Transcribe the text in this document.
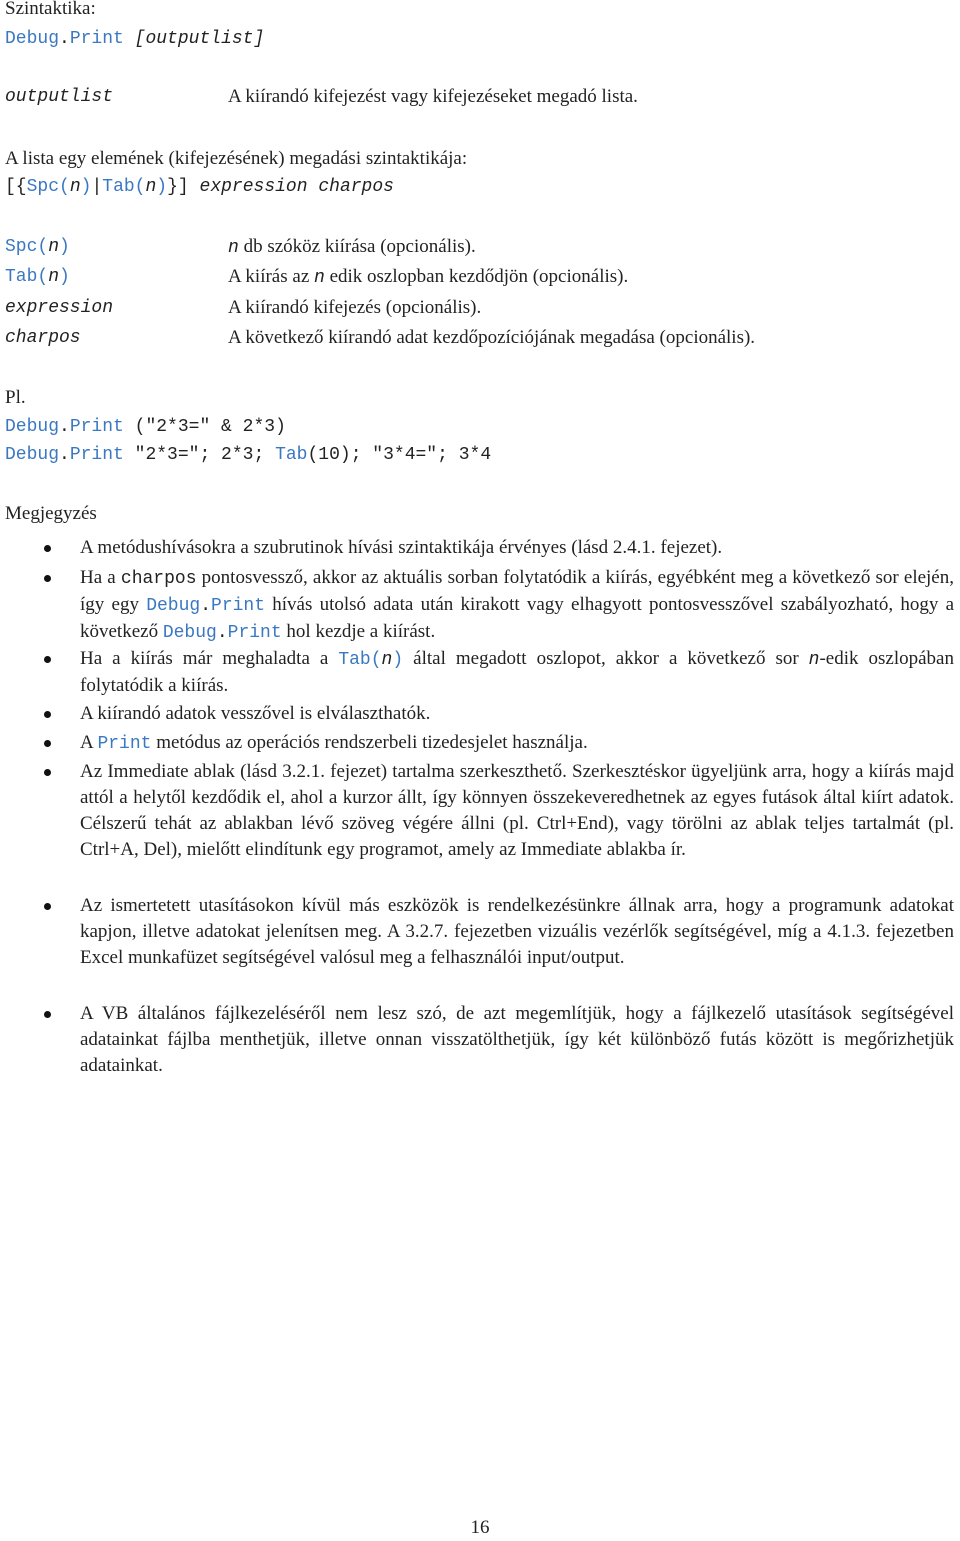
Szintaktika:
Debug.Print [outputlist]
outputlist	A kiírandó kifejezést vagy kifejezéseket megadó lista.
A lista egy elemének (kifejezésének) megadási szintaktikája:
[{Spc(n)|Tab(n)}] expression charpos
Spc(n)	n db szóköz kiírása (opcionális).
Tab(n)	A kiírás az n edik oszlopban kezdődjön (opcionális).
expression	A kiírandó kifejezés (opcionális).
charpos	A következő kiírandó adat kezdőpozíciójának megadása (opcionális).
Pl.
Debug.Print ("2*3=" & 2*3)
Debug.Print "2*3="; 2*3; Tab(10); "3*4="; 3*4
Megjegyzés

A metódushívásokra a szubrutinok hívási szintaktikája érvényes (lásd 2.4.1. fejezet).

Ha a charpos pontosvessző, akkor az aktuális sorban folytatódik a kiírás, egyébként meg a következő sor elején, így egy Debug.Print hívás utolsó adata után kirakott vagy elhagyott pontosvesszővel szabályozható, hogy a következő Debug.Print hol kezdje a kiírást.

Ha a kiírás már meghaladta a Tab(n) által megadott oszlopot, akkor a következő sor n-edik oszlopában folytatódik a kiírás.

A kiírandó adatok vesszővel is elválaszthatók.

A Print metódus az operációs rendszerbeli tizedesjelet használja.

Az Immediate ablak (lásd 3.2.1. fejezet) tartalma szerkeszthető. Szerkesztéskor ügyeljünk arra, hogy a kiírás majd attól a helytől kezdődik el, ahol a kurzor állt, így könnyen összekeveredhetnek az egyes futások által kiírt adatok. Célszerű tehát az ablakban lévő szöveg végére állni (pl. Ctrl+End), vagy törölni az ablak teljes tartalmát (pl. Ctrl+A, Del), mielőtt elindítunk egy programot, amely az Immediate ablakba ír.
Az ismertetett utasításokon kívül más eszközök is rendelkezésünkre állnak arra, hogy a programunk adatokat kapjon, illetve adatokat jelenítsen meg. A 3.2.7. fejezetben vizuális vezérlők segítségével, míg a 4.1.3. fejezetben Excel munkafüzet segítségével valósul meg a felhasználói input/output.
A VB általános fájlkezeléséről nem lesz szó, de azt megemlítjük, hogy a fájlkezelő utasítások segítségével adatainkat fájlba menthetjük, illetve onnan visszatölthetjük, így két különböző futás között is megőrizhetjük adatainkat.
16
